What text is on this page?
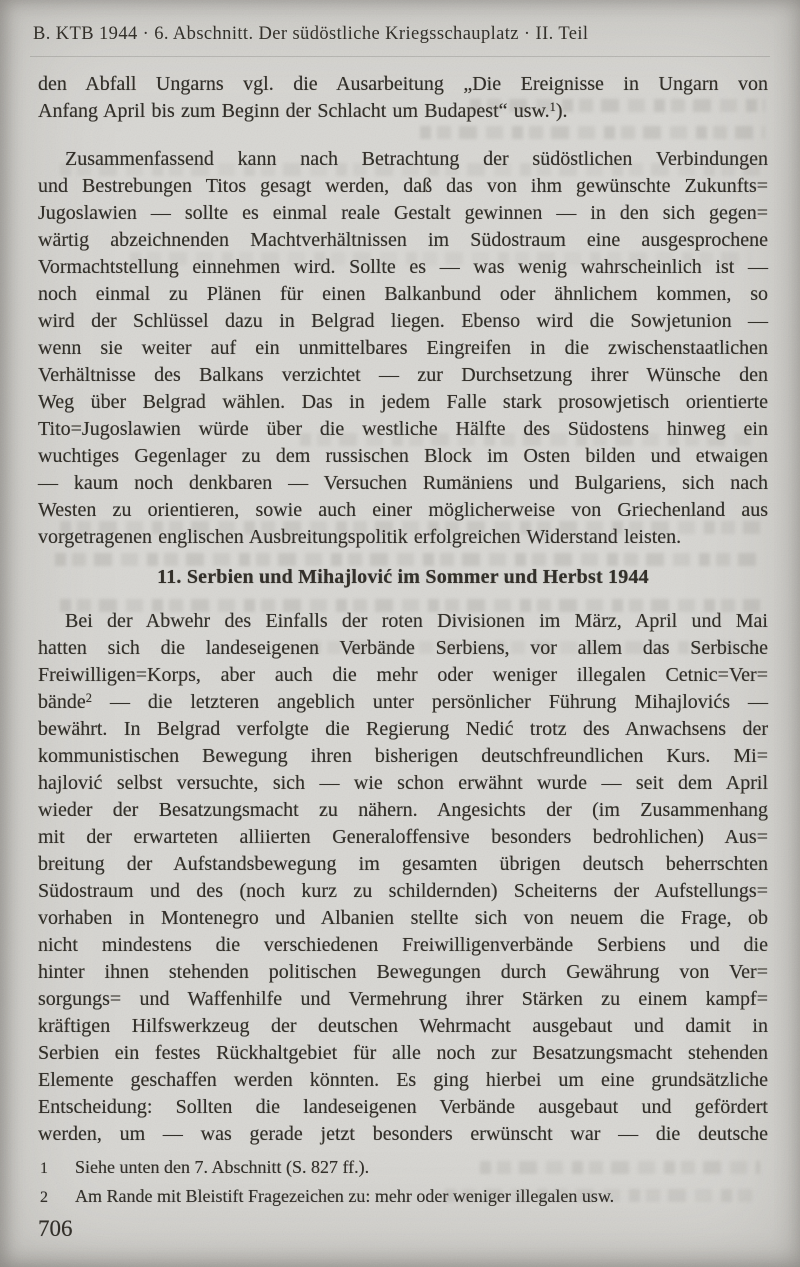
B. KTB 1944 · 6. Abschnitt. Der südöstliche Kriegsschauplatz · II. Teil
den Abfall Ungarns vgl. die Ausarbeitung „Die Ereignisse in Ungarn von
Anfang April bis zum Beginn der Schlacht um Budapest“ usw.$^1$).
Zusammenfassend kann nach Betrachtung der südöstlichen Verbindungen
und Bestrebungen Titos gesagt werden, daß das von ihm gewünschte Zukunfts=
Jugoslawien — sollte es einmal reale Gestalt gewinnen — in den sich gegen=
wärtig abzeichnenden Machtverhältnissen im Südostraum eine ausgesprochene
Vormachtstellung einnehmen wird. Sollte es — was wenig wahrscheinlich ist —
noch einmal zu Plänen für einen Balkanbund oder ähnlichem kommen, so
wird der Schlüssel dazu in Belgrad liegen. Ebenso wird die Sowjetunion —
wenn sie weiter auf ein unmittelbares Eingreifen in die zwischenstaatlichen
Verhältnisse des Balkans verzichtet — zur Durchsetzung ihrer Wünsche den
Weg über Belgrad wählen. Das in jedem Falle stark prosowjetisch orientierte
Tito=Jugoslawien würde über die westliche Hälfte des Südostens hinweg ein
wuchtiges Gegenlager zu dem russischen Block im Osten bilden und etwaigen
— kaum noch denkbaren — Versuchen Rumäniens und Bulgariens, sich nach
Westen zu orientieren, sowie auch einer möglicherweise von Griechenland aus
vorgetragenen englischen Ausbreitungspolitik erfolgreichen Widerstand leisten.
11. Serbien und Mihajlović im Sommer und Herbst 1944
Bei der Abwehr des Einfalls der roten Divisionen im März, April und Mai
hatten sich die landeseigenen Verbände Serbiens, vor allem das Serbische
Freiwilligen=Korps, aber auch die mehr oder weniger illegalen Cetnic=Ver=
bände$^2$ — die letzteren angeblich unter persönlicher Führung Mihajlovićs —
bewährt. In Belgrad verfolgte die Regierung Nedić trotz des Anwachsens der
kommunistischen Bewegung ihren bisherigen deutschfreundlichen Kurs. Mi=
hajlović selbst versuchte, sich — wie schon erwähnt wurde — seit dem April
wieder der Besatzungsmacht zu nähern. Angesichts der (im Zusammenhang
mit der erwarteten alliierten Generaloffensive besonders bedrohlichen) Aus=
breitung der Aufstandsbewegung im gesamten übrigen deutsch beherrschten
Südostraum und des (noch kurz zu schildernden) Scheiterns der Aufstellungs=
vorhaben in Montenegro und Albanien stellte sich von neuem die Frage, ob
nicht mindestens die verschiedenen Freiwilligenverbände Serbiens und die
hinter ihnen stehenden politischen Bewegungen durch Gewährung von Ver=
sorgungs= und Waffenhilfe und Vermehrung ihrer Stärken zu einem kampf=
kräftigen Hilfswerkzeug der deutschen Wehrmacht ausgebaut und damit in
Serbien ein festes Rückhaltgebiet für alle noch zur Besatzungsmacht stehenden
Elemente geschaffen werden könnten. Es ging hierbei um eine grundsätzliche
Entscheidung: Sollten die landeseigenen Verbände ausgebaut und gefördert
werden, um — was gerade jetzt besonders erwünscht war — die deutsche
1 Siehe unten den 7. Abschnitt (S. 827 ff.).
2 Am Rande mit Bleistift Fragezeichen zu: mehr oder weniger illegalen usw.
706
